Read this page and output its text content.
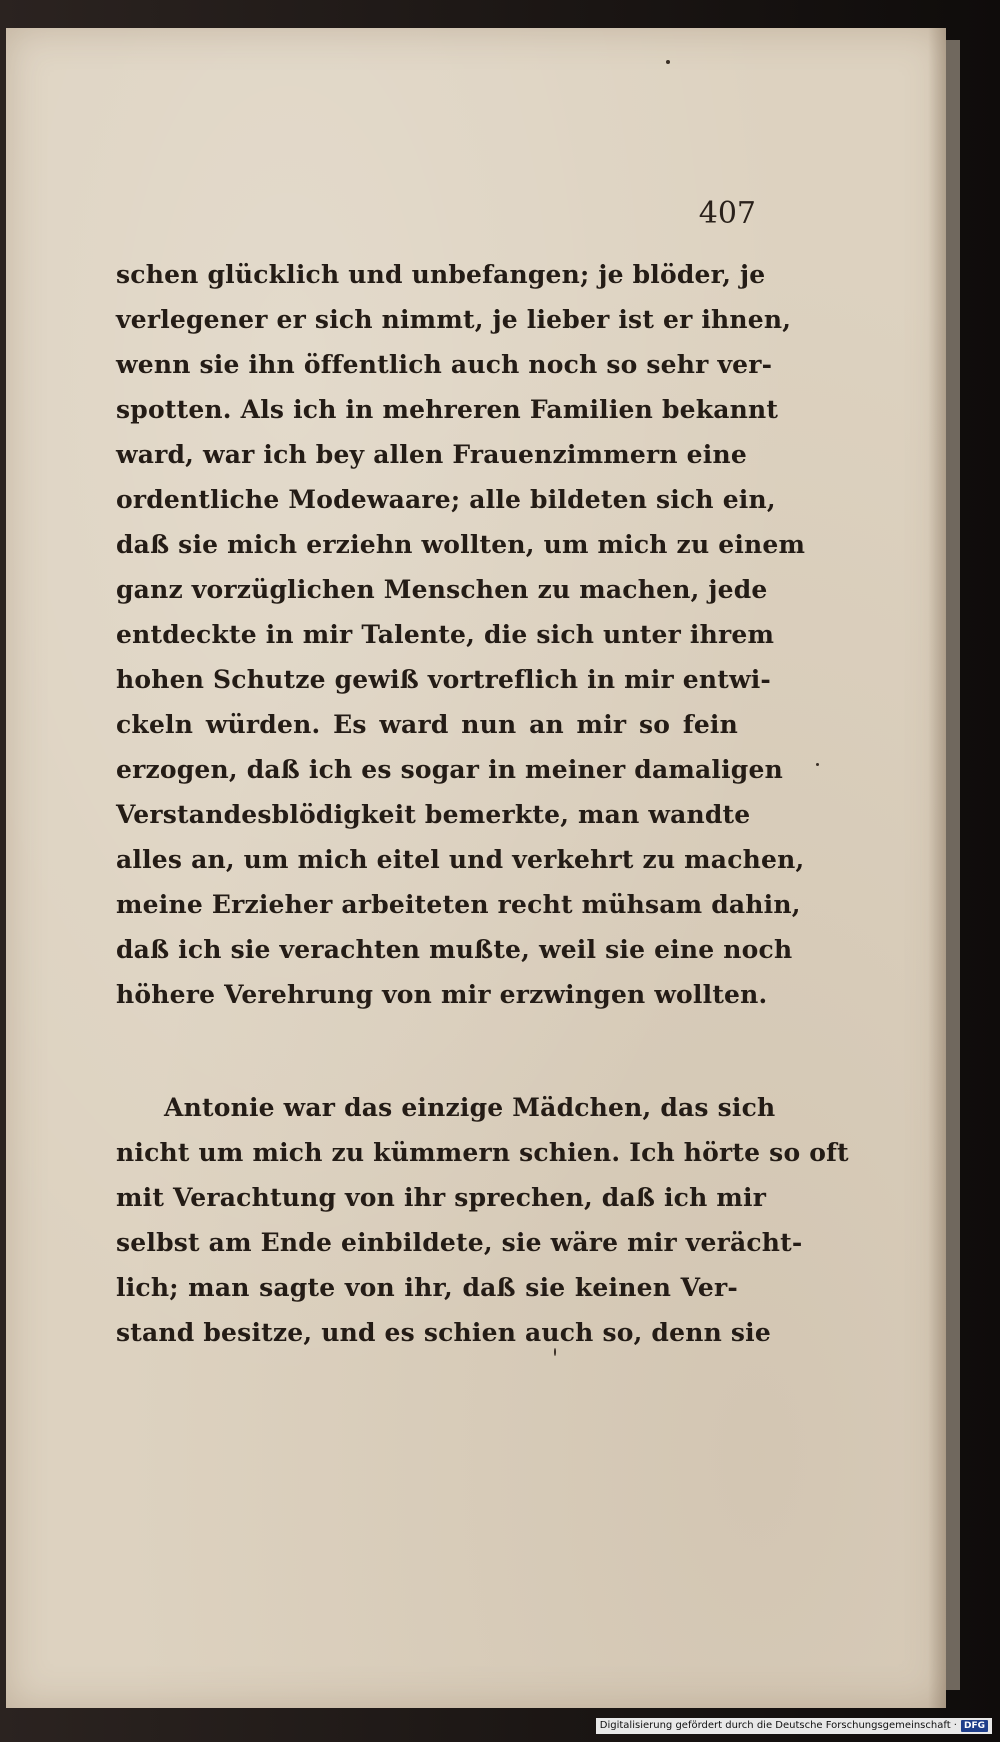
407
schen glücklich und unbefangen; je blöder, je
verlegener er sich nimmt, je lieber ist er ihnen,
wenn sie ihn öffentlich auch noch so sehr ver-
spotten. Als ich in mehreren Familien bekannt
ward, war ich bey allen Frauenzimmern eine
ordentliche Modewaare; alle bildeten sich ein,
daß sie mich erziehn wollten, um mich zu einem
ganz vorzüglichen Menschen zu machen, jede
entdeckte in mir Talente, die sich unter ihrem
hohen Schutze gewiß vortreflich in mir entwi-
ckeln würden. Es ward nun an mir so fein
erzogen, daß ich es sogar in meiner damaligen
Verstandesblödigkeit bemerkte, man wandte
alles an, um mich eitel und verkehrt zu machen,
meine Erzieher arbeiteten recht mühsam dahin,
daß ich sie verachten mußte, weil sie eine noch
höhere Verehrung von mir erzwingen wollten.
Antonie war das einzige Mädchen, das sich
nicht um mich zu kümmern schien. Ich hörte so oft
mit Verachtung von ihr sprechen, daß ich mir
selbst am Ende einbildete, sie wäre mir verächt-
lich; man sagte von ihr, daß sie keinen Ver-
stand besitze, und es schien auch so, denn sie
Digitalisierung gefördert durch die Deutsche Forschungsgemeinschaft · DFG
